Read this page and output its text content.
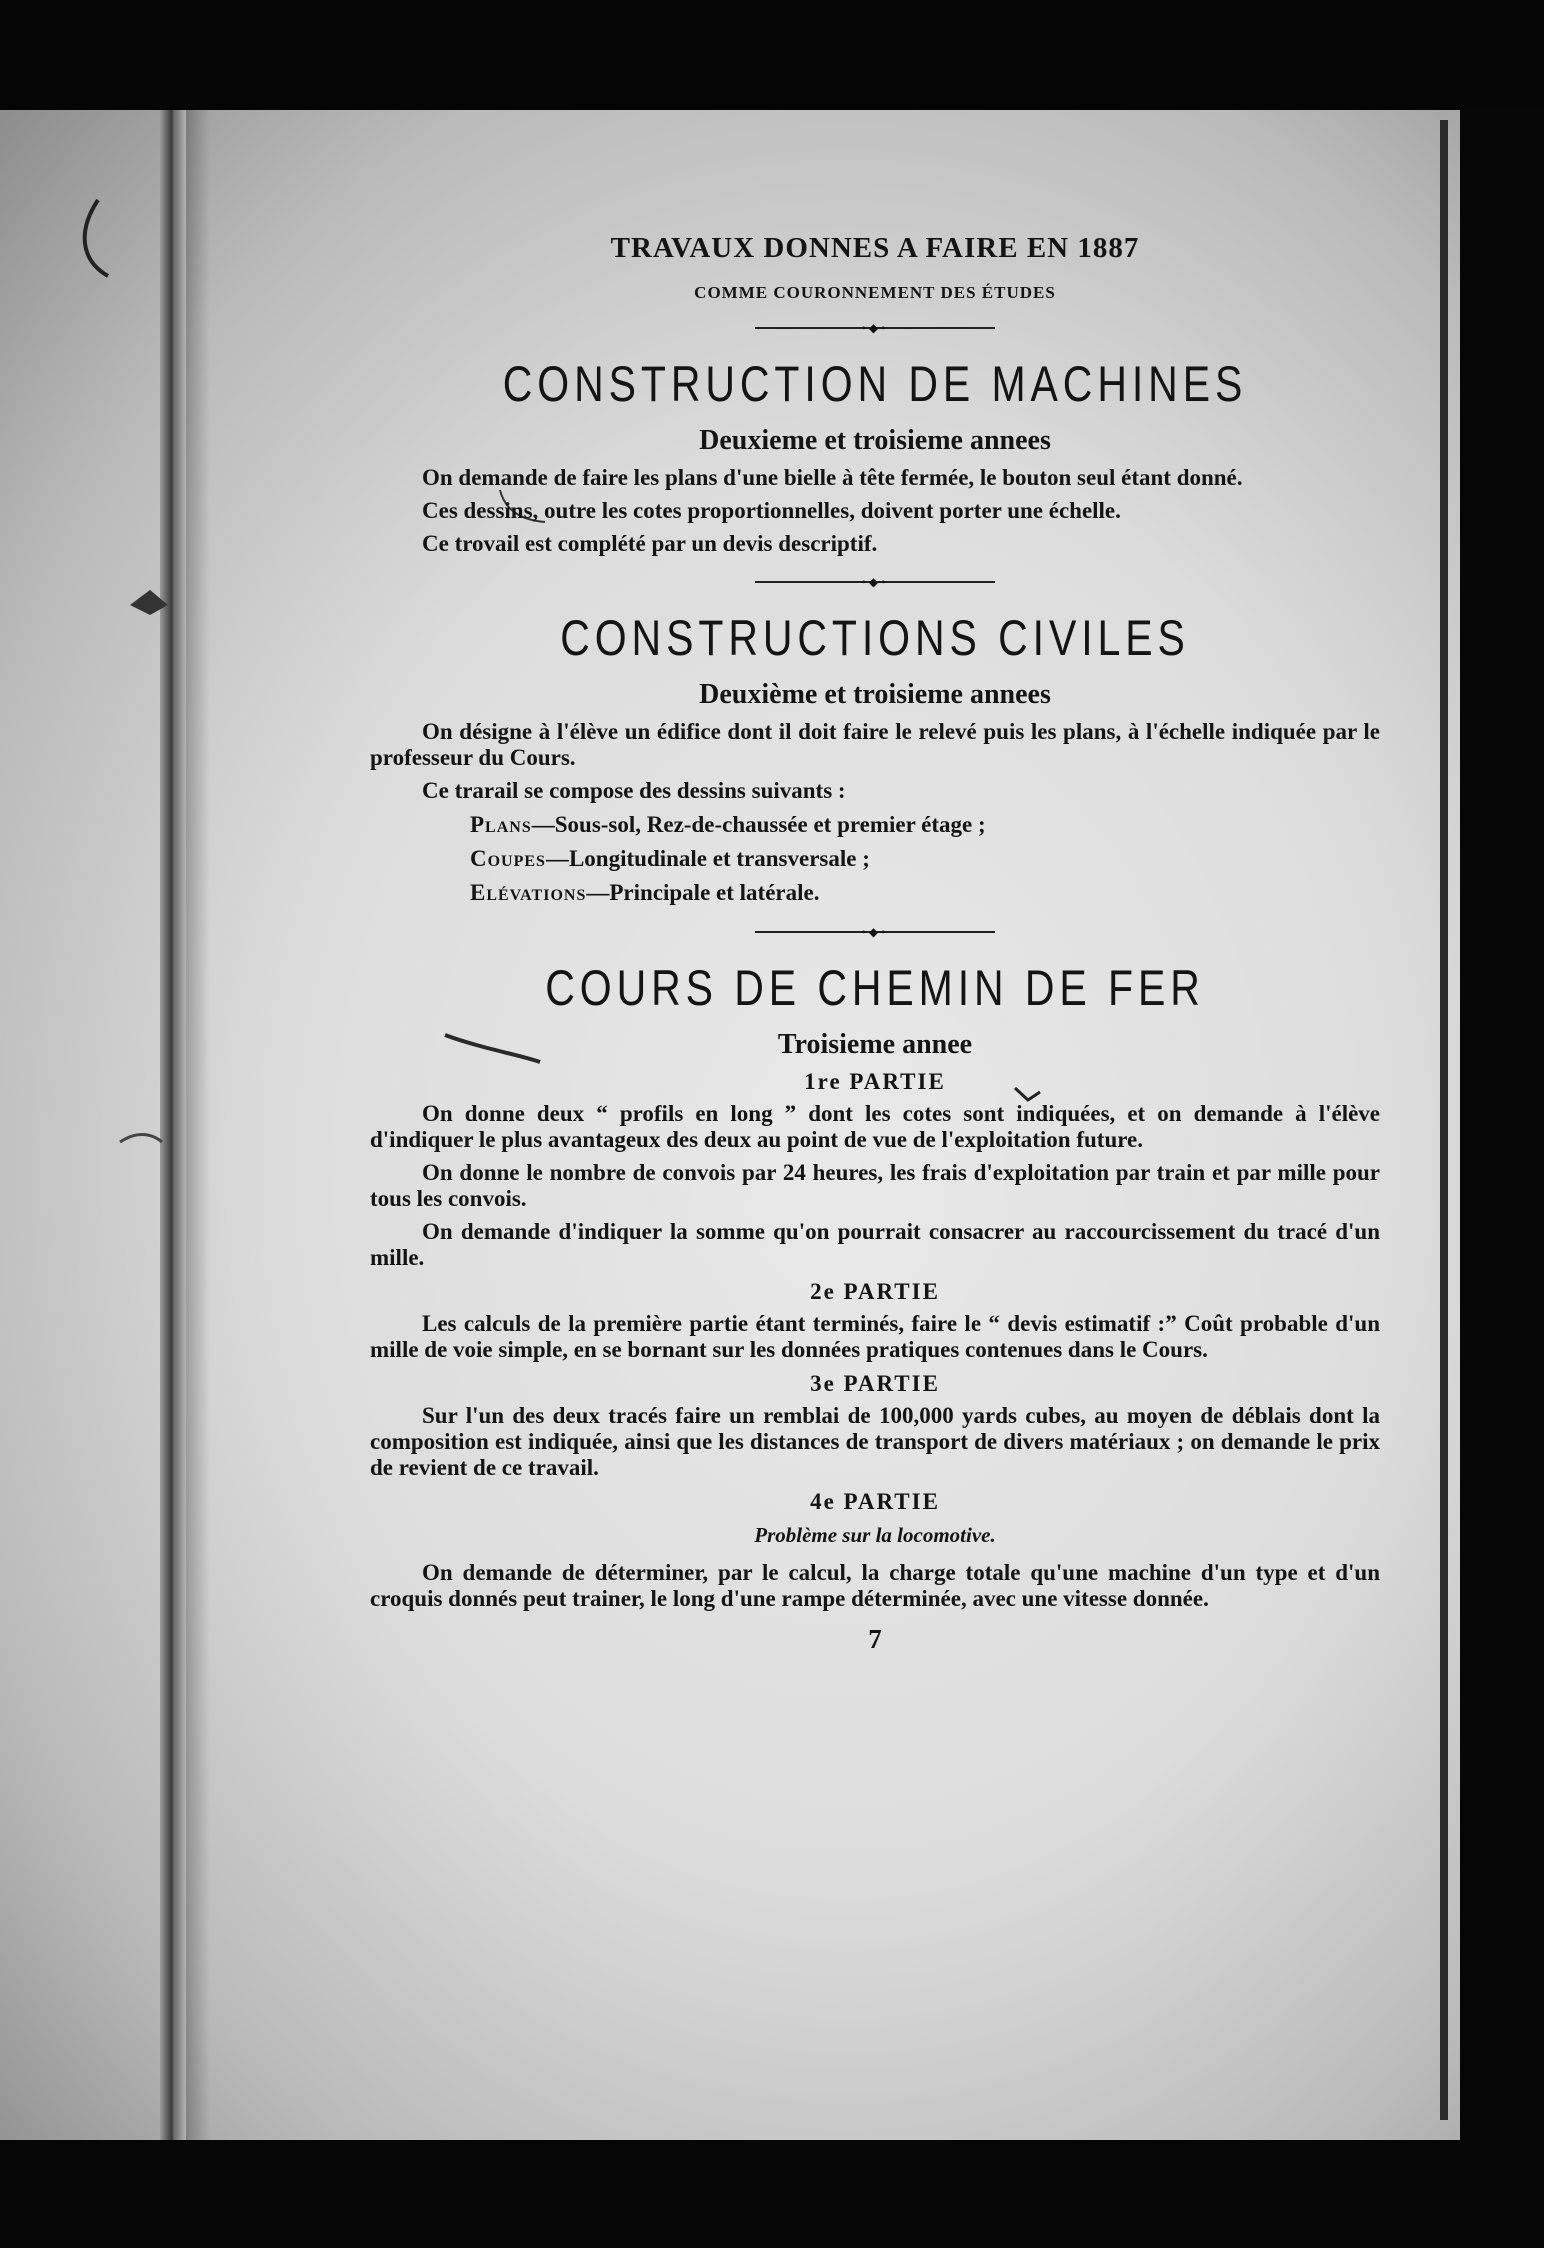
TRAVAUX DONNES A FAIRE EN 1887
COMME COURONNEMENT DES ÉTUDES
•◆•
CONSTRUCTION DE MACHINES
Deuxieme et troisieme annees

On demande de faire les plans d'une bielle à tête fermée, le bouton seul étant donné.

Ces dessins, outre les cotes proportionnelles, doivent porter une échelle.

Ce trovail est complété par un devis descriptif.

•◆•
CONSTRUCTIONS CIVILES
Deuxième et troisieme annees

On désigne à l'élève un édifice dont il doit faire le relevé puis les plans, à l'échelle indiquée par le professeur du Cours.

Ce trarail se compose des dessins suivants :

Plans—Sous-sol, Rez-de-chaussée et premier étage ;
Coupes—Longitudinale et transversale ;
Elévations—Principale et latérale.
•◆•
COURS DE CHEMIN DE FER
Troisieme annee
1re PARTIE

On donne deux “ profils en long ” dont les cotes sont indiquées, et on demande à l'élève d'indiquer le plus avantageux des deux au point de vue de l'exploitation future.

On donne le nombre de convois par 24 heures, les frais d'exploitation par train et par mille pour tous les convois.

On demande d'indiquer la somme qu'on pourrait consacrer au raccourcissement du tracé d'un mille.

2e PARTIE

Les calculs de la première partie étant terminés, faire le “ devis estimatif :” Coût probable d'un mille de voie simple, en se bornant sur les données pratiques contenues dans le Cours.

3e PARTIE

Sur l'un des deux tracés faire un remblai de 100,000 yards cubes, au moyen de déblais dont la composition est indiquée, ainsi que les distances de transport de divers matériaux ; on demande le prix de revient de ce travail.

4e PARTIE
Problème sur la locomotive.

On demande de déterminer, par le calcul, la charge totale qu'une machine d'un type et d'un croquis donnés peut trainer, le long d'une rampe déterminée, avec une vitesse donnée.

7
